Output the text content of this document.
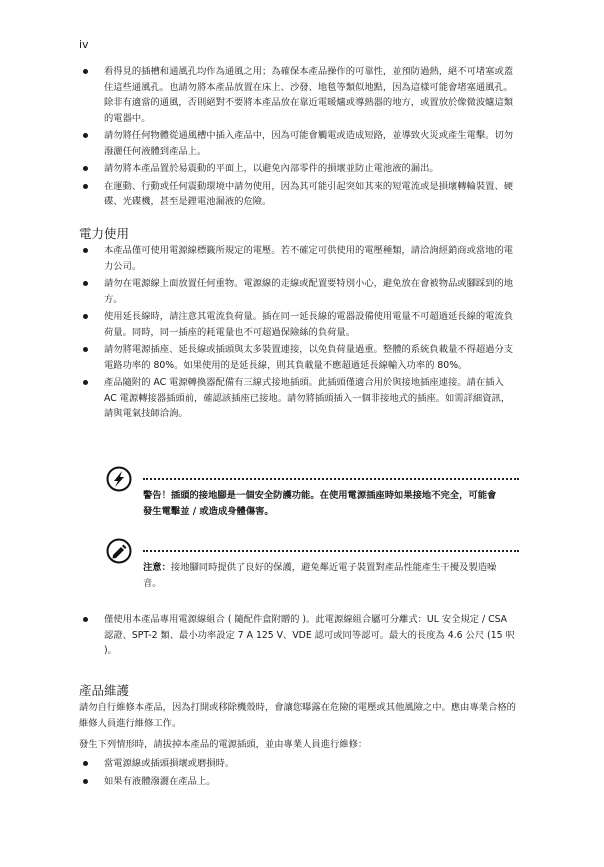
iv
看得見的插槽和通風孔均作為通風之用；為確保本產品操作的可靠性，並預防過熱，絕不可堵塞或蓋住這些通風孔。也請勿將本產品放置在床上、沙發、地毯等類似地點，因為這樣可能會堵塞通風孔。除非有適當的通風，否則絕對不要將本產品放在靠近電暖爐或導熱器的地方，或置放於像微波爐這類的電器中。
請勿將任何物體從通風槽中插入產品中，因為可能會觸電或造成短路，並導致火災或產生電擊。切勿潑灑任何液體到產品上。
請勿將本產品置於易震動的平面上，以避免內部零件的損壞並防止電池液的漏出。
在運動、行動或任何震動環境中請勿使用，因為其可能引起突如其來的短電流或是損壞轉輪裝置、硬碟、光碟機，甚至是鋰電池漏液的危險。
電力使用
本產品僅可使用電源線標籤所規定的電壓。若不確定可供使用的電壓種類，請洽詢經銷商或當地的電力公司。
請勿在電源線上面放置任何重物。電源線的走線或配置要特別小心，避免放在會被物品或腳踩到的地方。
使用延長線時，請注意其電流負荷量。插在同一延長線的電器設備使用電量不可超過延長線的電流負荷量。同時，同一插座的耗電量也不可超過保險絲的負荷量。
請勿將電源插座、延長線或插頭與太多裝置連接，以免負荷量過重。整體的系統負載量不得超過分支電路功率的 80%。如果使用的是延長線，則其負載量不應超過延長線輸入功率的 80%。
產品隨附的 AC 電源轉換器配備有三線式接地插頭。此插頭僅適合用於與接地插座連接。請在插入 AC 電源轉接器插頭前，確認該插座已接地。請勿將插頭插入一個非接地式的插座。如需詳細資訊，請與電氣技師洽詢。
警告！插頭的接地腳是一個安全防護功能。在使用電源插座時如果接地不完全，可能會發生電擊並 / 或造成身體傷害。
注意：接地腳同時提供了良好的保護，避免鄰近電子裝置對產品性能產生干擾及製造噪音。
僅使用本產品專用電源線組合 ( 隨配件盒附贈的 )。此電源線組合屬可分離式：UL 安全規定 / CSA 認證、SPT-2 類、最小功率設定 7 A 125 V、VDE 認可或同等認可。最大的長度為 4.6 公尺 (15 呎 )。
產品維護
請勿自行維修本產品，因為打開或移除機殼時，會讓您曝露在危險的電壓或其他風險之中。應由專業合格的維修人員進行維修工作。
發生下列情形時，請拔掉本產品的電源插頭，並由專業人員進行維修：
當電源線或插頭損壞或磨損時。
如果有液體潑灑在產品上。
